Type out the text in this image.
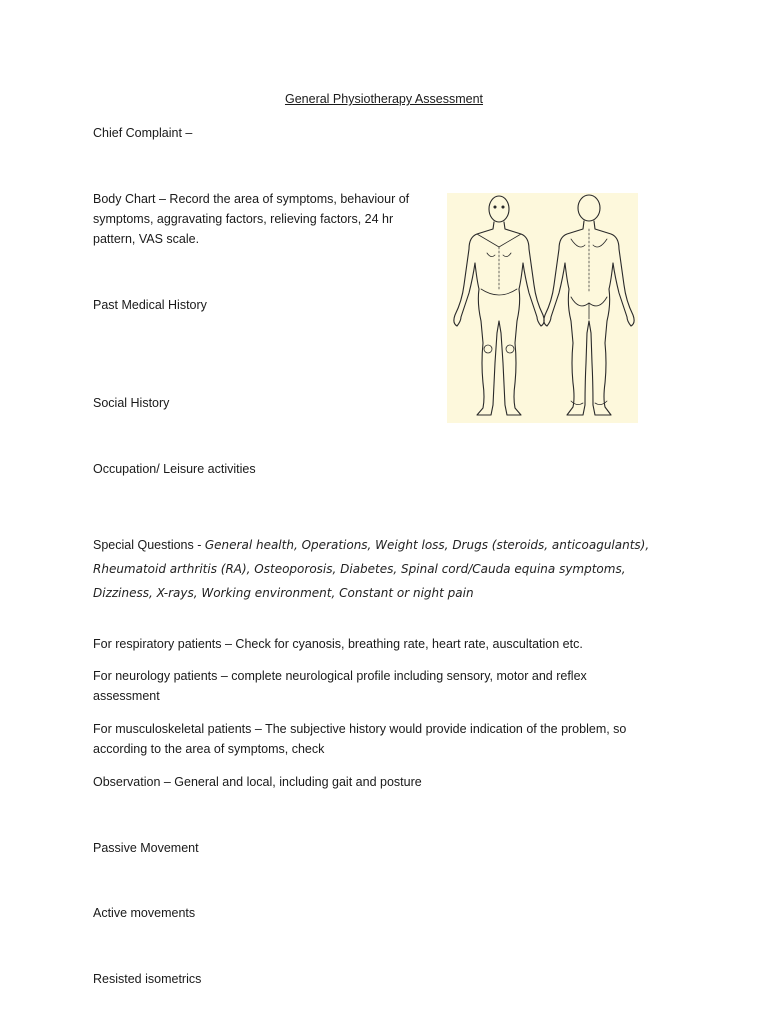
General Physiotherapy Assessment
Chief Complaint –
Body Chart – Record the area of symptoms, behaviour of symptoms, aggravating factors, relieving factors, 24 hr pattern, VAS scale.
Past Medical History
Social History
Occupation/ Leisure activities
Special Questions - General health, Operations, Weight loss, Drugs (steroids, anticoagulants), Rheumatoid arthritis (RA), Osteoporosis, Diabetes, Spinal cord/Cauda equina symptoms, Dizziness, X-rays, Working environment, Constant or night pain
For respiratory patients – Check for cyanosis, breathing rate, heart rate, auscultation etc.
For neurology patients – complete neurological profile including sensory, motor and reflex assessment
For musculoskeletal patients – The subjective history would provide indication of the problem, so according to the area of symptoms, check
Observation – General and local, including gait and posture
Passive Movement
Active movements
Resisted isometrics
